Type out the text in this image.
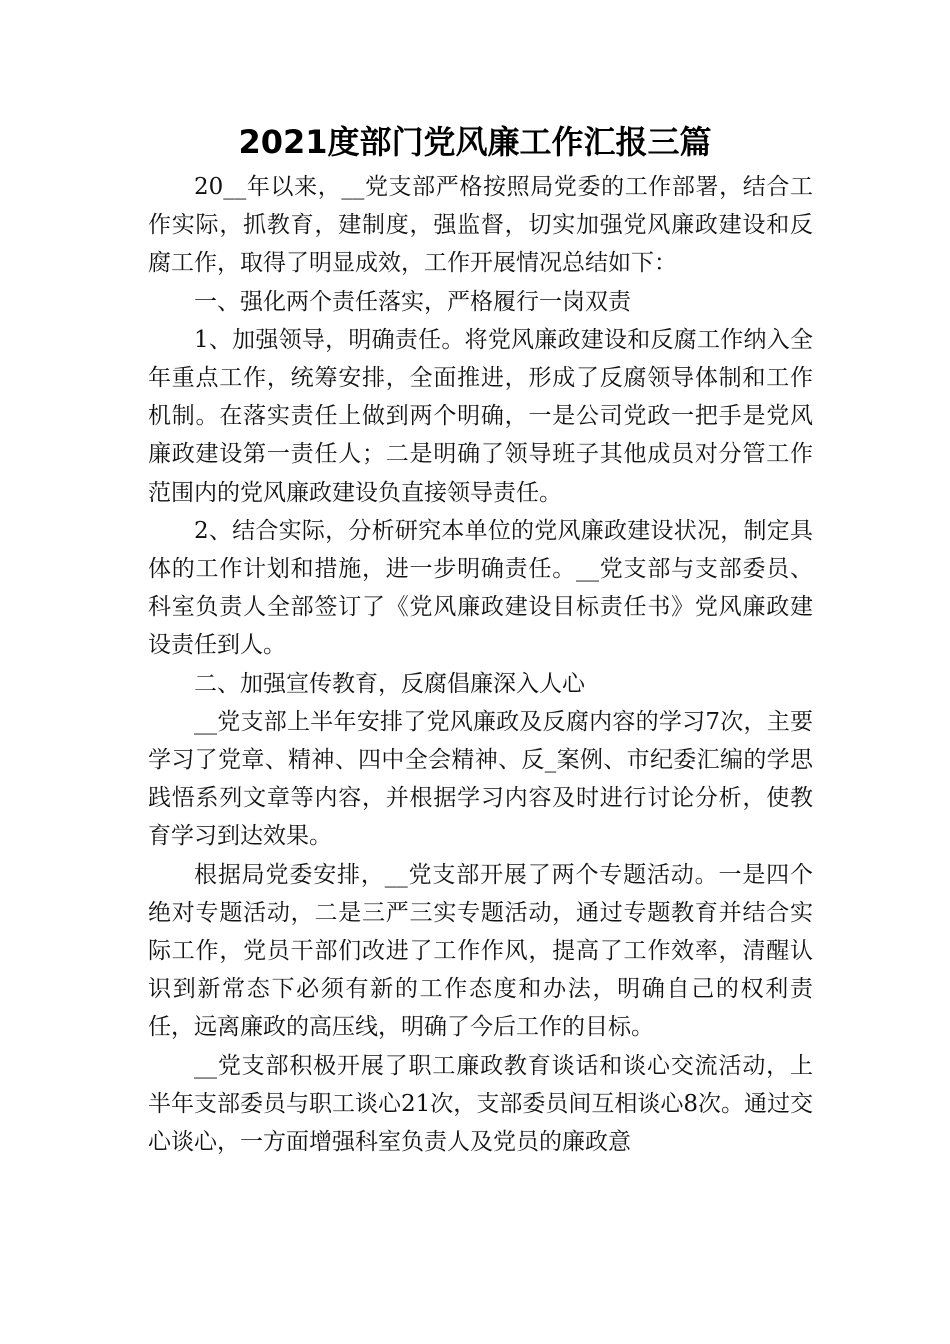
2021度部门党风廉工作汇报三篇

20__年以来，__党支部严格按照局党委的工作部署，结合工作实际，抓教育，建制度，强监督，切实加强党风廉政建设和反腐工作，取得了明显成效，工作开展情况总结如下：

一、强化两个责任落实，严格履行一岗双责

1、加强领导，明确责任。将党风廉政建设和反腐工作纳入全年重点工作，统筹安排，全面推进，形成了反腐领导体制和工作机制。在落实责任上做到两个明确，一是公司党政一把手是党风廉政建设第一责任人；二是明确了领导班子其他成员对分管工作范围内的党风廉政建设负直接领导责任。

2、结合实际，分析研究本单位的党风廉政建设状况，制定具体的工作计划和措施，进一步明确责任。__党支部与支部委员、科室负责人全部签订了《党风廉政建设目标责任书》党风廉政建设责任到人。

二、加强宣传教育，反腐倡廉深入人心

__党支部上半年安排了党风廉政及反腐内容的学习7次，主要学习了党章、精神、四中全会精神、反_案例、市纪委汇编的学思践悟系列文章等内容，并根据学习内容及时进行讨论分析，使教育学习到达效果。

根据局党委安排，__党支部开展了两个专题活动。一是四个绝对专题活动，二是三严三实专题活动，通过专题教育并结合实际工作，党员干部们改进了工作作风，提高了工作效率，清醒认识到新常态下必须有新的工作态度和办法，明确自己的权利责任，远离廉政的高压线，明确了今后工作的目标。

__党支部积极开展了职工廉政教育谈话和谈心交流活动，上半年支部委员与职工谈心21次，支部委员间互相谈心8次。通过交心谈心，一方面增强科室负责人及党员的廉政意
